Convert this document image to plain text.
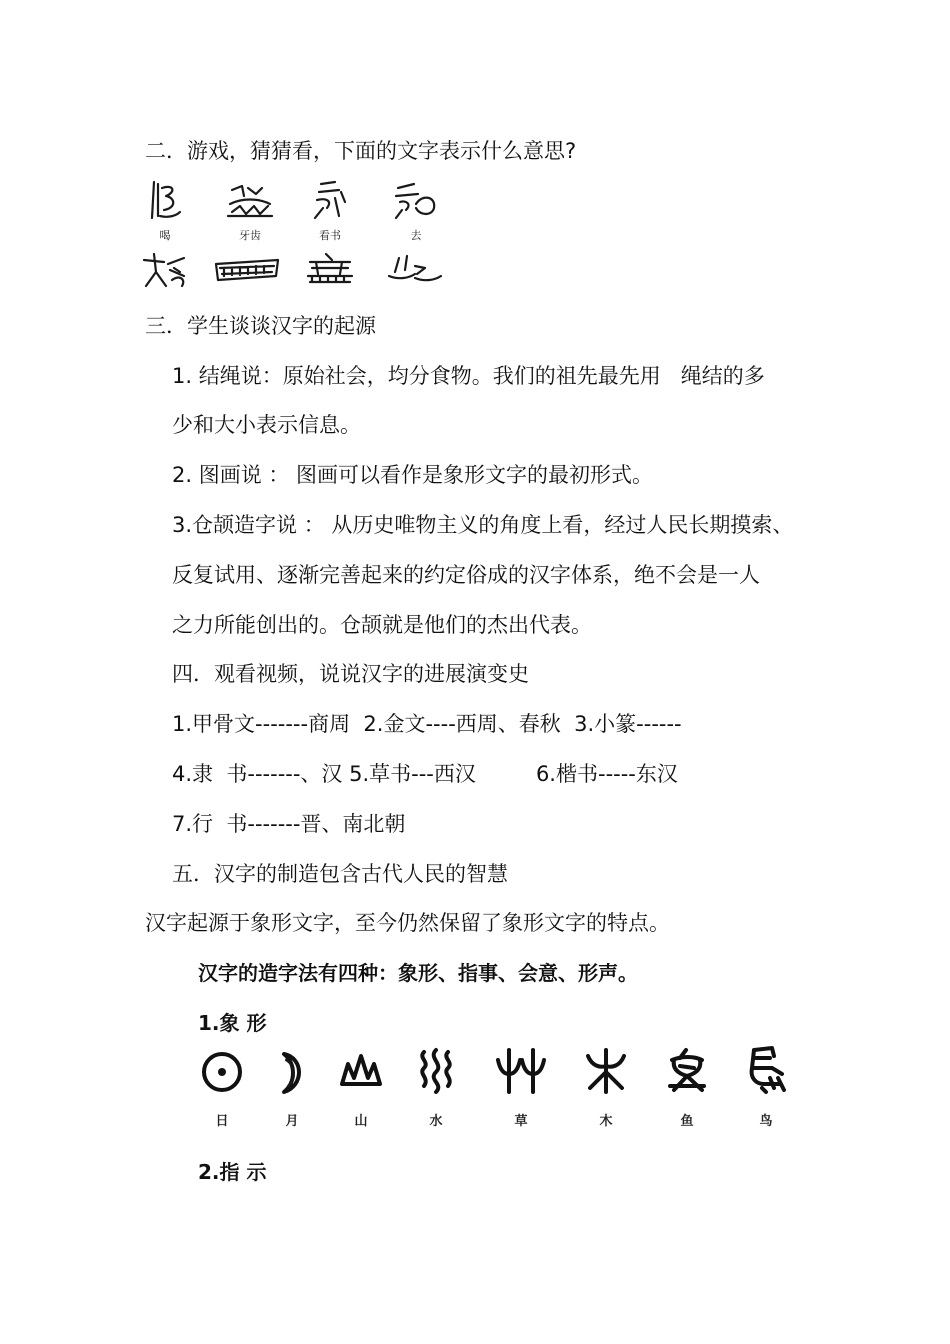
二．游戏，猜猜看，下面的文字表示什么意思?
喝	牙齿	看书	去
三．学生谈谈汉字的起源
1. 结绳说：原始社会，均分食物。我们的祖先最先用   绳结的多
少和大小表示信息。
2. 图画说 ： 图画可以看作是象形文字的最初形式。
3.仓颉造字说 ： 从历史唯物主义的角度上看，经过人民长期摸索、
反复试用、逐渐完善起来的约定俗成的汉字体系，绝不会是一人
之力所能创出的。仓颉就是他们的杰出代表。
四．观看视频，说说汉字的进展演变史
1.甲骨文-------商周  2.金文----西周、春秋  3.小篆------
4.隶  书-------、汉 5.草书---西汉         6.楷书-----东汉
7.行  书-------晋、南北朝
五．汉字的制造包含古代人民的智慧
汉字起源于象形文字，至今仍然保留了象形文字的特点。
汉字的造字法有四种：象形、指事、会意、形声。
1.象 形
日	月	山	水	草	木	鱼	鸟
2.指 示
